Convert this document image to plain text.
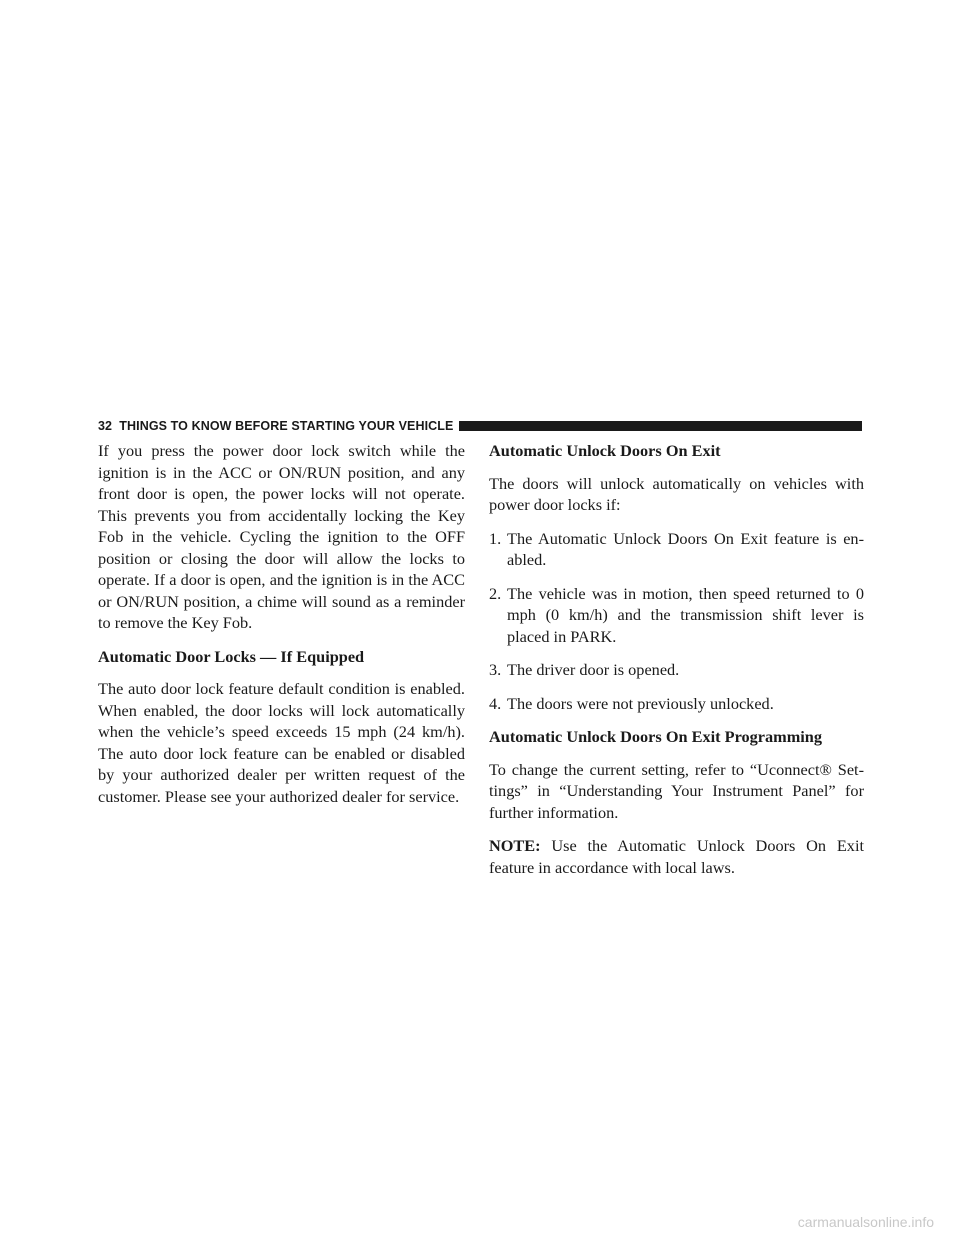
32 THINGS TO KNOW BEFORE STARTING YOUR VEHICLE

If you press the power door lock switch while the ignition is in the ACC or ON/RUN position, and any front door is open, the power locks will not operate. This prevents you from accidentally locking the Key Fob in the vehicle. Cycling the ignition to the OFF position or closing the door will allow the locks to operate. If a door is open, and the ignition is in the ACC or ON/RUN position, a chime will sound as a reminder to remove the Key Fob.

Automatic Door Locks — If Equipped

The auto door lock feature default condition is enabled. When enabled, the door locks will lock automatically when the vehicle’s speed exceeds 15 mph (24 km/h). The auto door lock feature can be enabled or disabled by your authorized dealer per written request of the customer. Please see your authorized dealer for service.

Automatic Unlock Doors On Exit

The doors will unlock automatically on vehicles with power door locks if:

1. The Automatic Unlock Doors On Exit feature is en-abled.
2. The vehicle was in motion, then speed returned to 0 mph (0 km/h) and the transmission shift lever is placed in PARK.
3. The driver door is opened.
4. The doors were not previously unlocked.
Automatic Unlock Doors On Exit Programming

To change the current setting, refer to “Uconnect® Set-tings” in “Understanding Your Instrument Panel” for further information.

NOTE: Use the Automatic Unlock Doors On Exit feature in accordance with local laws.

carmanualsonline.info
